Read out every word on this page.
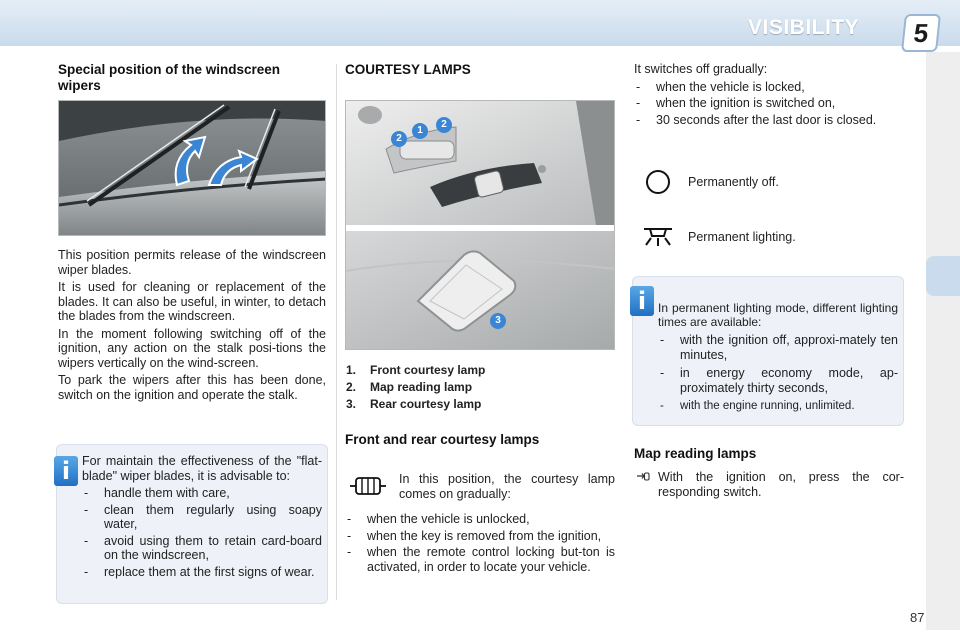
VISIBILITY	5
Special position of the windscreen wipers

This position permits release of the windscreen wiper blades.

It is used for cleaning or replacement of the blades. It can also be useful, in winter, to detach the blades from the windscreen.

In the moment following switching off of the ignition, any action on the stalk posi-tions the wipers vertically on the wind-screen.

To park the wipers after this has been done, switch on the ignition and operate the stalk.

i For maintain the effectiveness of the "flat-blade" wiper blades, it is advisable to:

- handle them with care,
- clean them regularly using soapy water,
- avoid using them to retain card-board on the windscreen,
- replace them at the first signs of wear.
COURTESY LAMPS
2
1
2
3
1. Front courtesy lamp
2. Map reading lamp
3. Rear courtesy lamp
Front and rear courtesy lamps

In this position, the courtesy lamp comes on gradually:

- when the vehicle is unlocked,
- when the key is removed from the ignition,
- when the remote control locking but-ton is activated, in order to locate your vehicle.

It switches off gradually:

- when the vehicle is locked,
- when the ignition is switched on,
- 30 seconds after the last door is closed.
Permanently off.
Permanent lighting.
i In permanent lighting mode, different lighting times are available:

- with the ignition off, approxi-mately ten minutes,
- in energy economy mode, ap-proximately thirty seconds,
- with the engine running, unlimited.
Map reading lamps

With the ignition on, press the cor-responding switch.

87
